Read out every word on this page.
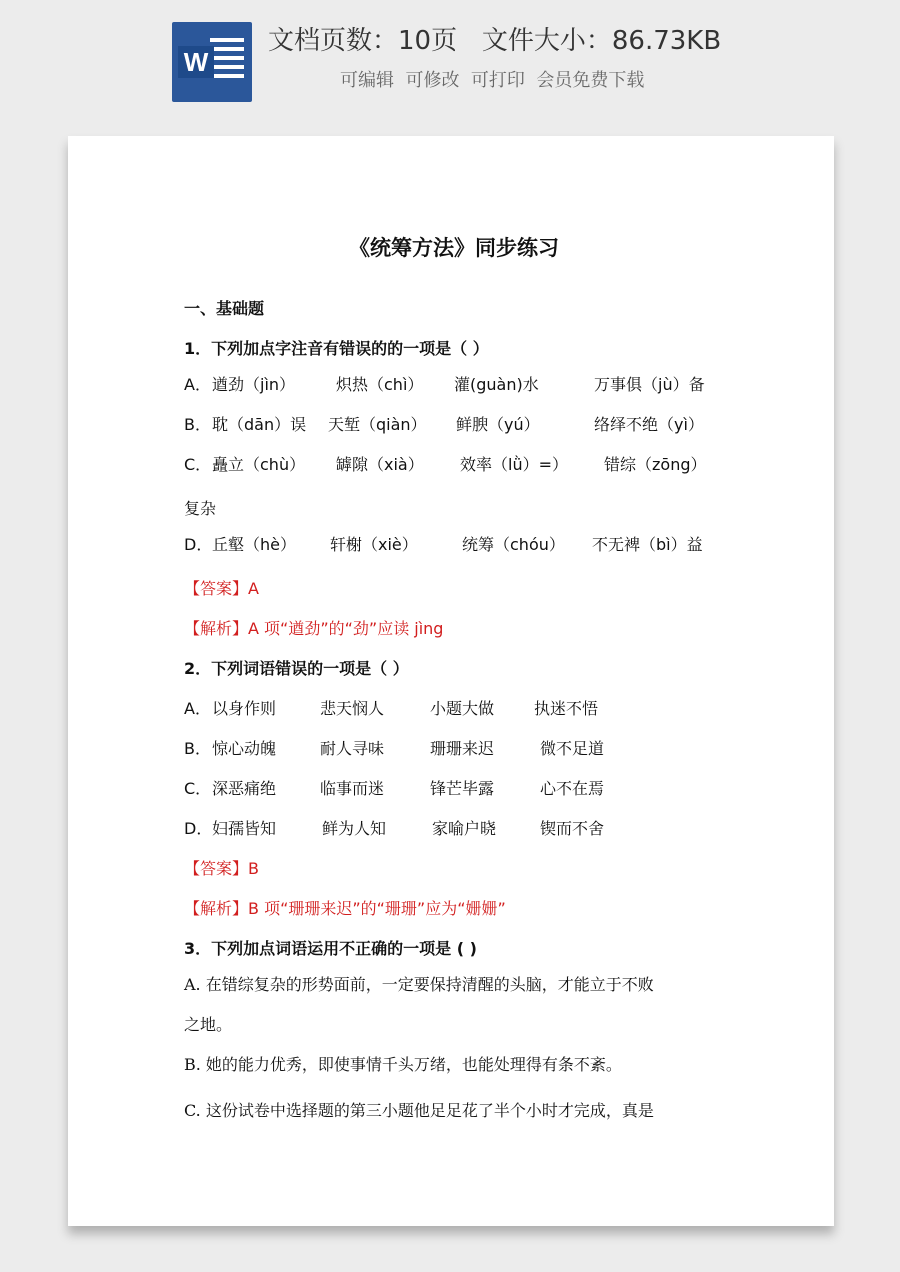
W
文档页数：10页   文件大小：86.73KB
可编辑  可修改  可打印  会员免费下载
《统筹方法》同步练习
一、基础题
1．下列加点字注音有错误的的一项是（ ）
A． 遒劲（jìn）	炽热（chì） 灌(guàn)水	万事俱（jù）备
B． 耽（dān）误 天堑（qiàn） 鲜腴（yú）	络绎不绝（yì）
C． 矗立（chù） 罅隙（xià） 效率（lǜ）=） 错综（zōng）
复杂
D． 丘壑（hè） 轩榭（xiè）	统筹（chóu） 不无裨（bì）益
【答案】A
【解析】A 项“遒劲”的“劲”应读 jìng
2．下列词语错误的一项是（ ）
A． 以身作则	悲天悯人	小题大做 执迷不悟
B． 惊心动魄	耐人寻味	珊珊来迟	微不足道
C． 深恶痛绝	临事而迷	锋芒毕露	心不在焉
D． 妇孺皆知	鲜为人知	家喻户晓	锲而不舍
【答案】B
【解析】B 项“珊珊来迟”的“珊珊”应为“姗姗”
3．下列加点词语运用不正确的一项是 ( )
A. 在错综复杂的形势面前，一定要保持清醒的头脑，才能立于不败
之地。
B. 她的能力优秀，即使事情千头万绪，也能处理得有条不紊。
C. 这份试卷中选择题的第三小题他足足花了半个小时才完成，真是
